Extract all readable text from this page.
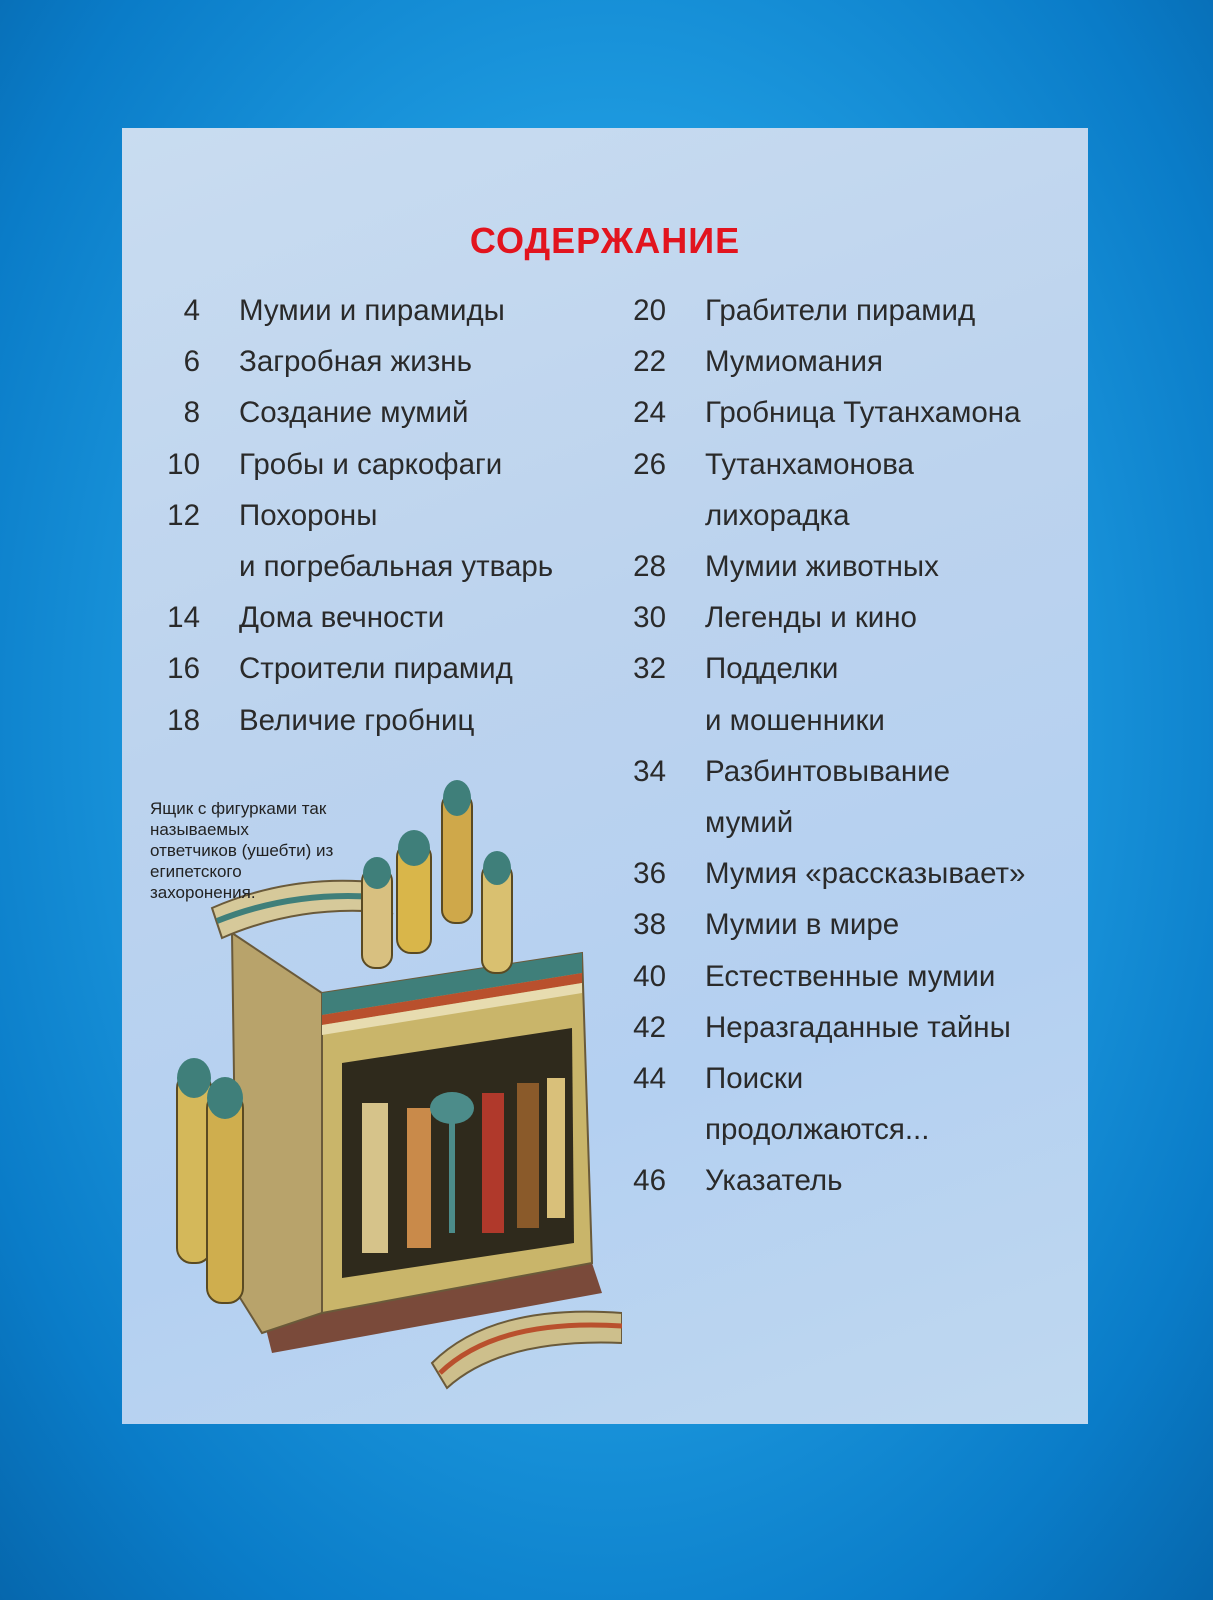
СОДЕРЖАНИЕ
4	Мумии и пирамиды
6	Загробная жизнь
8	Создание мумий
10	Гробы и саркофаги
12	Похороны
и погребальная утварь
14	Дома вечности
16	Строители пирамид
18	Величие гробниц
20	Грабители пирамид
22	Мумиомания
24	Гробница Тутанхамона
26	Тутанхамонова
лихорадка
28	Мумии животных
30	Легенды и кино
32	Подделки
и мошенники
34	Разбинтовывание
мумий
36	Мумия «рассказывает»
38	Мумии в мире
40	Естественные мумии
42	Неразгаданные тайны
44	Поиски
продолжаются...
46	Указатель
Ящик с фигурками так называемых ответчиков (ушебти) из египетского захоронения.
